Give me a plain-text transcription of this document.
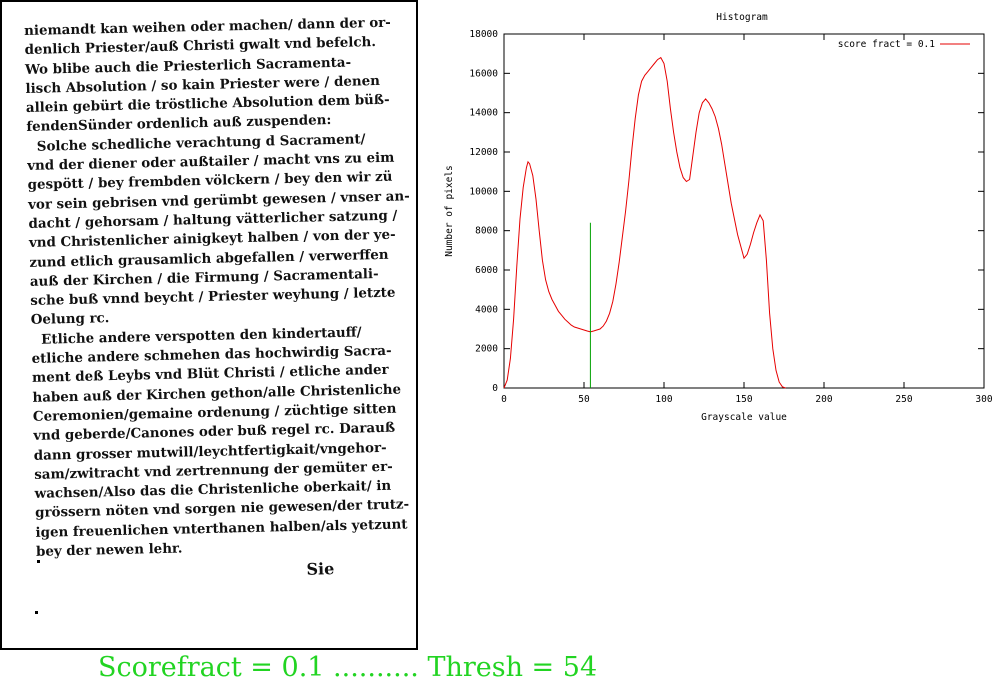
niemandt kan weihen oder machen/ dann der or-
denlich Priester/auß Christi gwalt vnd befelch.
Wo blibe auch die Priesterlich Sacramenta-
lisch Absolution / so kain Priester were / denen
allein gebürt die tröstliche Absolution dem büß-
fendenSünder ordenlich auß zuspenden:
Solche schedliche verachtung d Sacrament/
vnd der diener oder außtailer / macht vns zu eim
gespött / bey frembden völckern / bey den wir zü
vor sein gebrisen vnd gerümbt gewesen / vnser an-
dacht / gehorsam / haltung vätterlicher satzung /
vnd Christenlicher ainigkeyt halben / von der ye-
zund etlich grausamlich abgefallen / verwerffen
auß der Kirchen / die Firmung / Sacramentali-
sche buß vnnd beycht / Priester weyhung / letzte
Oelung rc.
Etliche andere verspotten den kindertauff/
etliche andere schmehen das hochwirdig Sacra-
ment deß Leybs vnd Blüt Christi / etliche ander
haben auß der Kirchen gethon/alle Christenliche
Ceremonien/gemaine ordenung / züchtige sitten
vnd geberde/Canones oder buß regel rc. Darauß
dann grosser mutwill/leychtfertigkait/vngehor-
sam/zwitracht vnd zertrennung der gemüter er-
wachsen/Also das die Christenliche oberkait/ in
grössern nöten vnd sorgen nie gewesen/der trutz-
igen freuenlichen vnterthanen halben/als yetzunt
bey der newen lehr.
Sie
Histogram
0
2000
4000
6000
8000
10000
12000
14000
16000
18000
0	50	100	150	200	250	300
Grayscale value
Number of pixels
score fract = 0.1
Scorefract = 0.1 .......... Thresh = 54
